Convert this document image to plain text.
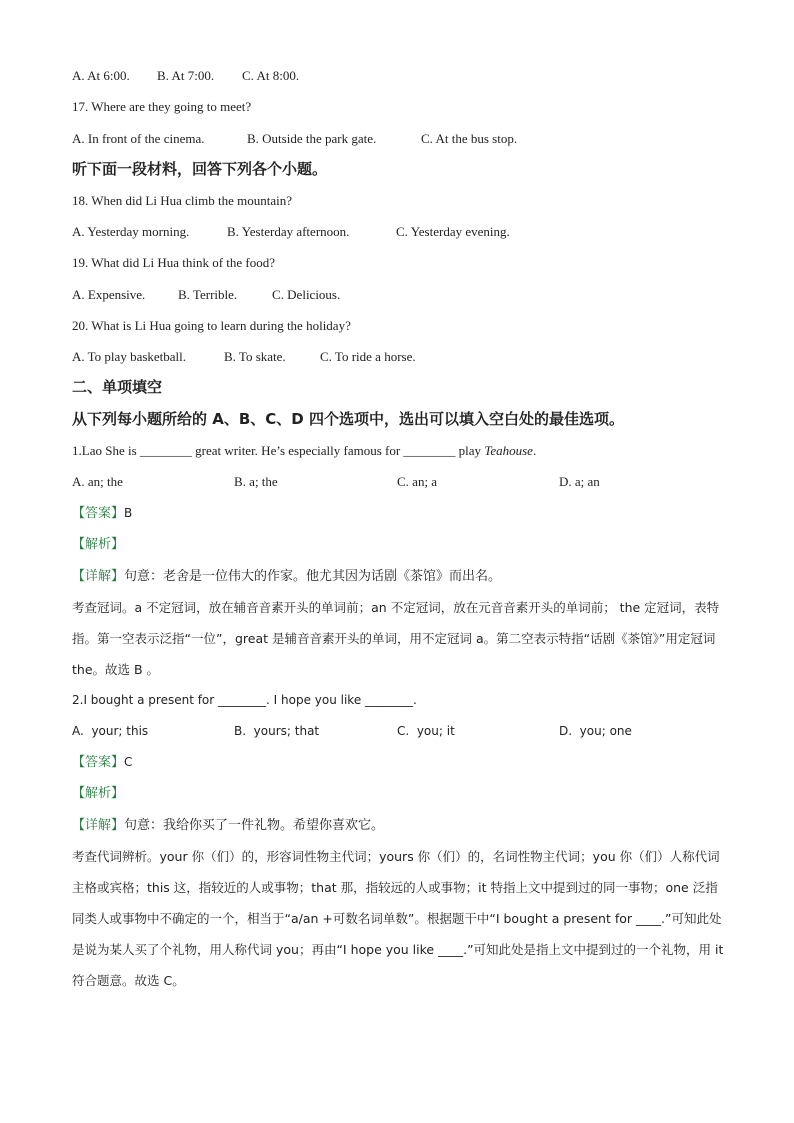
A. At 6:00.

B. At 7:00.

C. At 8:00.

17. Where are they going to meet?

A. In front of the cinema.

	B. Outside the park gate.

	C. At the bus stop.

听下面一段材料，回答下列各个小题。
18. When did Li Hua climb the mountain?

A. Yesterday morning.

	B. Yesterday afternoon.

	C. Yesterday evening.

19. What did Li Hua think of the food?

A. Expensive.

	B. Terrible.

	C. Delicious.

20. What is Li Hua going to learn during the holiday?

A. To play basketball.

	B. To skate.

	C. To ride a horse.

二、单项填空
从下列每小题所给的 A、B、C、D 四个选项中，选出可以填入空白处的最佳选项。
1.Lao She is ________ great writer. He’s especially famous for ________ play Teahouse.

A. an; the

	B. a; the

	C. an; a

	D. a; an

【答案】B
【解析】
【详解】句意：老舍是一位伟大的作家。他尤其因为话剧《茶馆》而出名。
考查冠词。a 不定冠词，放在辅音音素开头的单词前；an 不定冠词，放在元音音素开头的单词前； the 定冠词，表特指。第一空表示泛指“一位”，great 是辅音音素开头的单词，用不定冠词 a。第二空表示特指“话剧《茶馆》”用定冠词 the。故选 B 。
2.I bought a present for ________. I hope you like ________.

A.  your; this

	B.  yours; that

	C.  you; it

	D.  you; one

【答案】C
【解析】
【详解】句意：我给你买了一件礼物。希望你喜欢它。
考查代词辨析。your 你（们）的，形容词性物主代词；yours 你（们）的，名词性物主代词；you 你（们）人称代词主格或宾格；this 这，指较近的人或事物；that 那，指较远的人或事物；it 特指上文中提到过的同一事物；one 泛指同类人或事物中不确定的一个，相当于“a/an +可数名词单数”。根据题干中“I bought a present for ____.”可知此处是说为某人买了个礼物，用人称代词 you；再由“I hope you like ____.”可知此处是指上文中提到过的一个礼物，用 it 符合题意。故选 C。
